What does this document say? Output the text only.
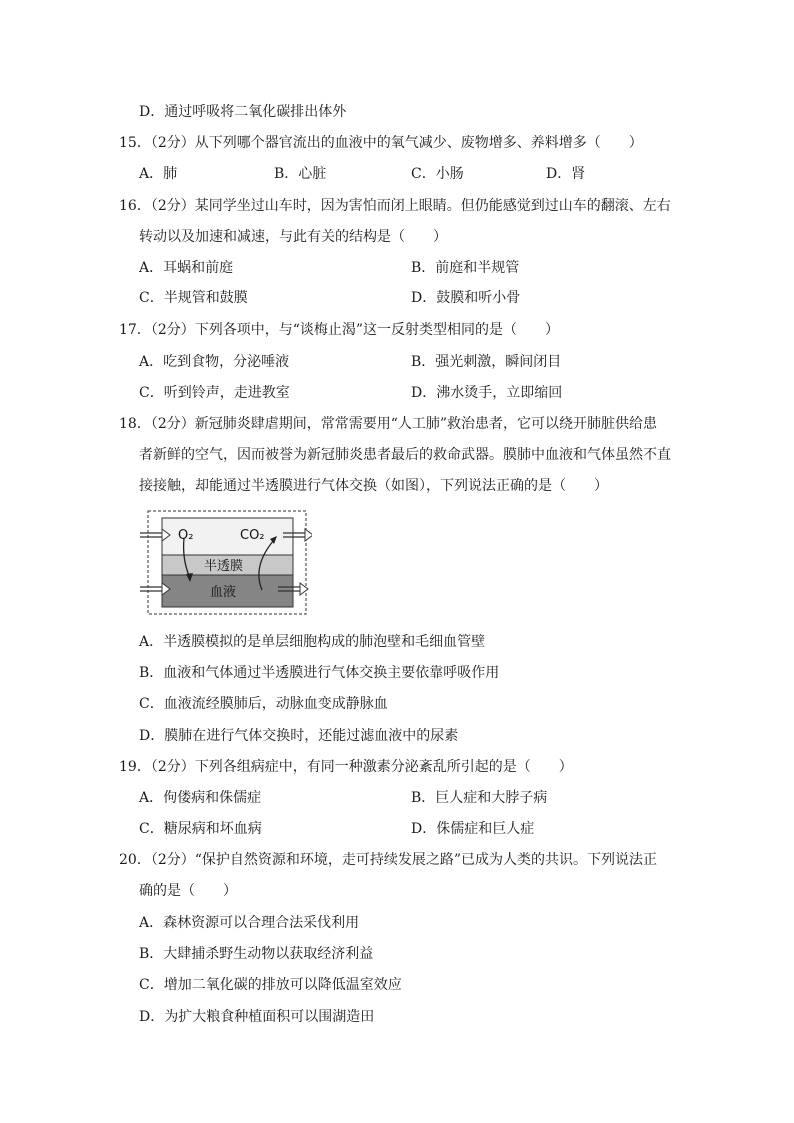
D．通过呼吸将二氧化碳排出体外
15．（2分）从下列哪个器官流出的血液中的氧气减少、废物增多、养料增多（　　）
A．肺	B．心脏	C．小肠	D．肾
16．（2分）某同学坐过山车时，因为害怕而闭上眼睛。但仍能感觉到过山车的翻滚、左右
转动以及加速和减速，与此有关的结构是（　　）
A．耳蜗和前庭	B．前庭和半规管
C．半规管和鼓膜	D．鼓膜和听小骨
17．（2分）下列各项中，与“谈梅止渴”这一反射类型相同的是（　　）
A．吃到食物，分泌唾液	B．强光刺激，瞬间闭目
C．听到铃声，走进教室	D．沸水烫手，立即缩回
18．（2分）新冠肺炎肆虐期间，常常需要用“人工肺”救治患者，它可以绕开肺脏供给患
者新鲜的空气，因而被誉为新冠肺炎患者最后的救命武器。膜肺中血液和气体虽然不直
接接触，却能通过半透膜进行气体交换（如图），下列说法正确的是（　　）
O₂	CO₂
半透膜
血液
A．半透膜模拟的是单层细胞构成的肺泡壁和毛细血管壁
B．血液和气体通过半透膜进行气体交换主要依靠呼吸作用
C．血液流经膜肺后，动脉血变成静脉血
D．膜肺在进行气体交换时，还能过滤血液中的尿素
19．（2分）下列各组病症中，有同一种激素分泌紊乱所引起的是（　　）
A．佝偻病和侏儒症	B．巨人症和大脖子病
C．糖尿病和坏血病	D．侏儒症和巨人症
20．（2分）“保护自然资源和环境，走可持续发展之路”已成为人类的共识。下列说法正
确的是（　　）
A．森林资源可以合理合法采伐利用
B．大肆捕杀野生动物以获取经济利益
C．增加二氧化碳的排放可以降低温室效应
D．为扩大粮食种植面积可以围湖造田
